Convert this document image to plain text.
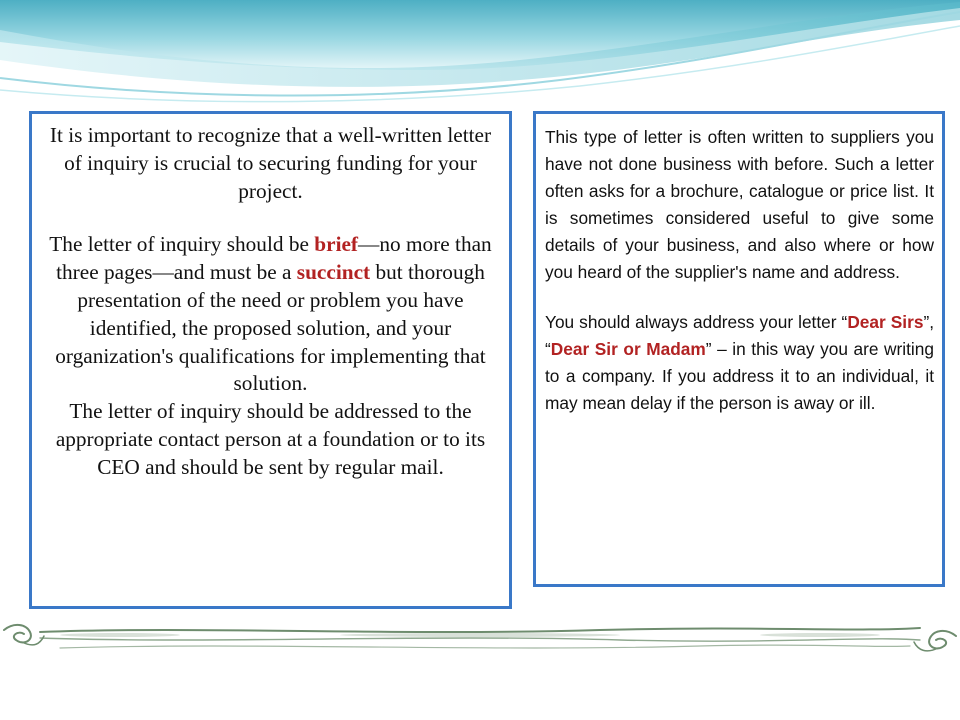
It is important to recognize that a well-written letter of inquiry is crucial to securing funding for your project.

The letter of inquiry should be brief—no more than three pages—and must be a succinct but thorough presentation of the need or problem you have identified, the proposed solution, and your organization's qualifications for implementing that solution.

The letter of inquiry should be addressed to the appropriate contact person at a foundation or to its CEO and should be sent by regular mail.

This type of letter is often written to suppliers you have not done business with before. Such a letter often asks for a brochure, catalogue or price list. It is sometimes considered useful to give some details of your business, and also where or how you heard of the supplier's name and address.

You should always address your letter “Dear Sirs”, “Dear Sir or Madam” – in this way you are writing to a company. If you address it to an individual, it may mean delay if the person is away or ill.
